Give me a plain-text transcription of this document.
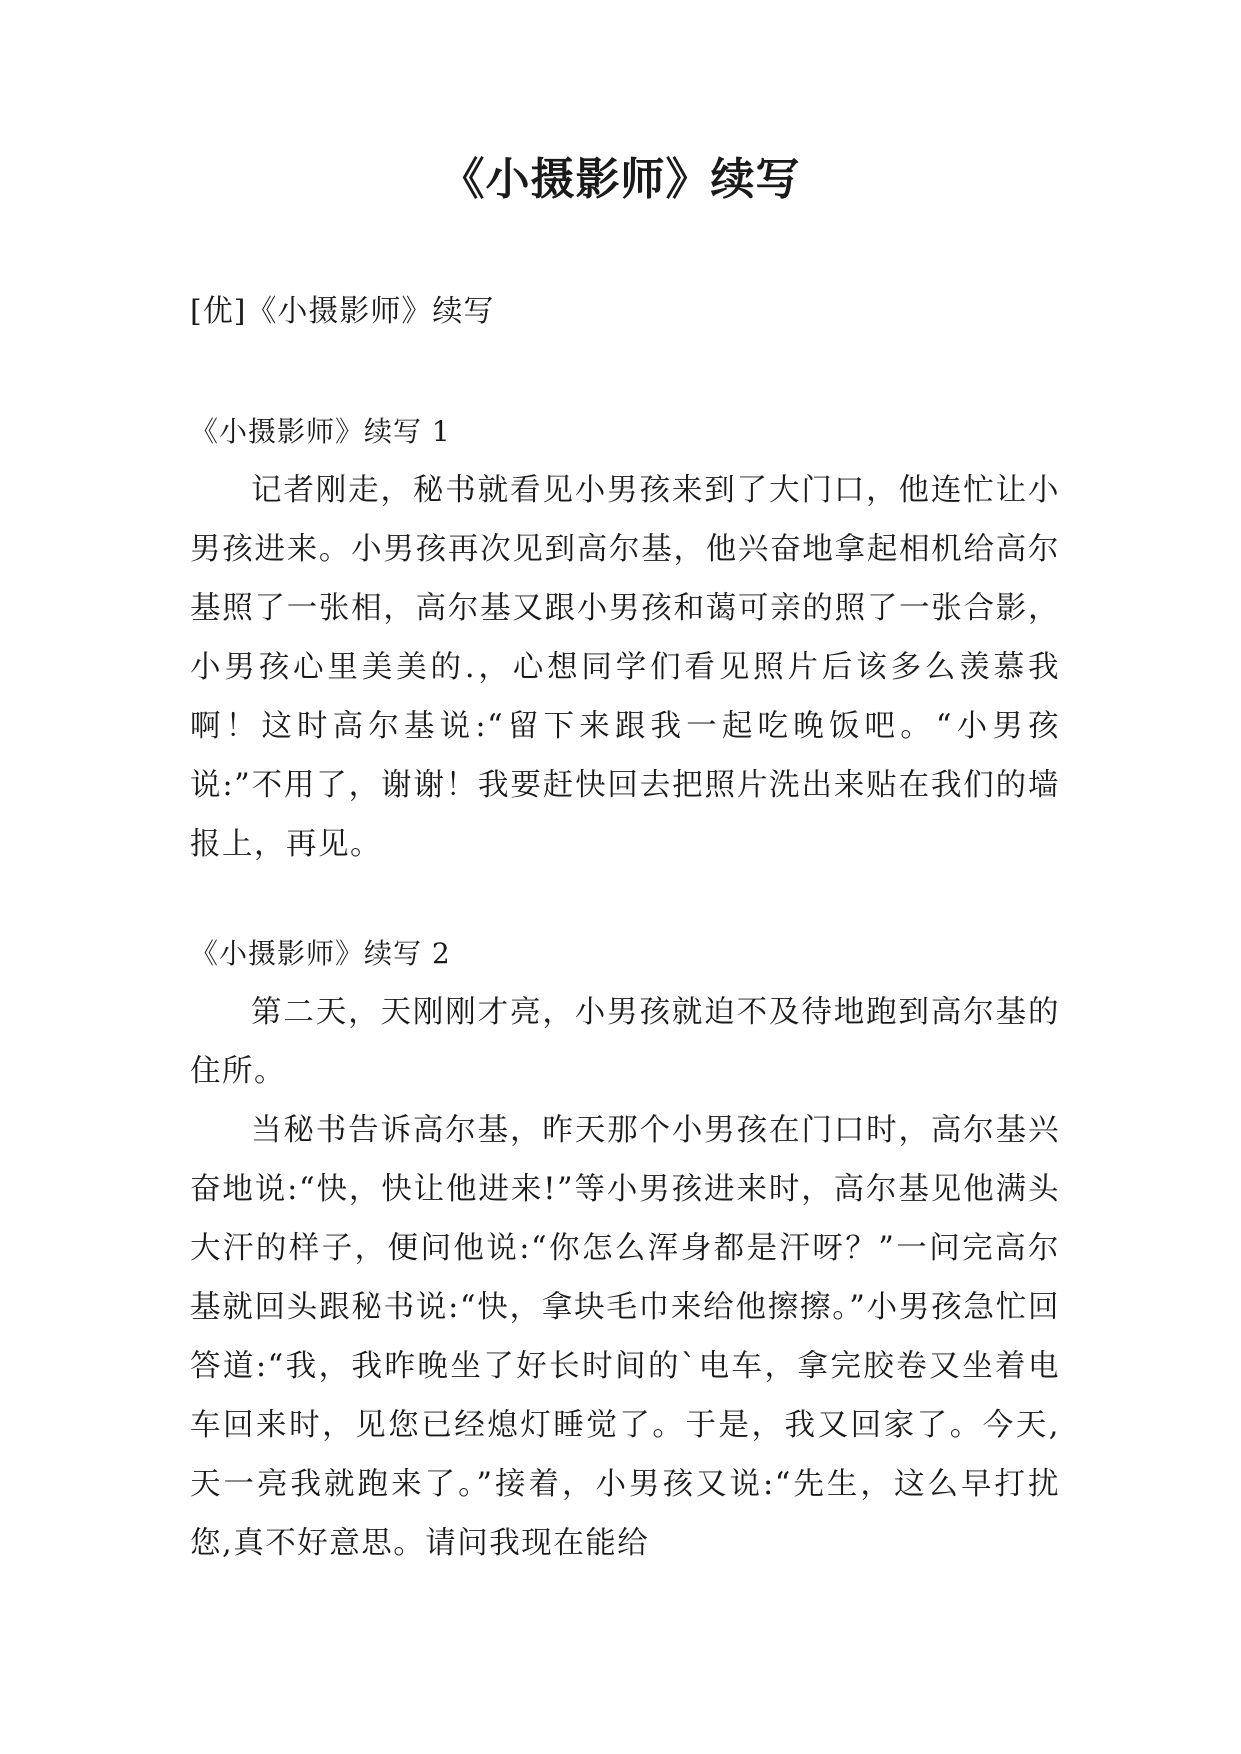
《小摄影师》续写

[优]《小摄影师》续写

《小摄影师》续写 1

记者刚走，秘书就看见小男孩来到了大门口，他连忙让小男孩进来。小男孩再次见到高尔基，他兴奋地拿起相机给高尔基照了一张相，高尔基又跟小男孩和蔼可亲的照了一张合影，小男孩心里美美的.，心想同学们看见照片后该多么羡慕我啊！这时高尔基说:“留下来跟我一起吃晚饭吧。“小男孩说:”不用了，谢谢！我要赶快回去把照片洗出来贴在我们的墙报上，再见。

《小摄影师》续写 2

第二天，天刚刚才亮，小男孩就迫不及待地跑到高尔基的住所。

当秘书告诉高尔基，昨天那个小男孩在门口时，高尔基兴奋地说:“快，快让他进来!”等小男孩进来时，高尔基见他满头大汗的样子，便问他说:“你怎么浑身都是汗呀？”一问完高尔基就回头跟秘书说:“快，拿块毛巾来给他擦擦。”小男孩急忙回答道:“我，我昨晚坐了好长时间的`电车，拿完胶卷又坐着电车回来时，见您已经熄灯睡觉了。于是，我又回家了。今天,天一亮我就跑来了。”接着，小男孩又说:“先生，这么早打扰您,真不好意思。请问我现在能给
